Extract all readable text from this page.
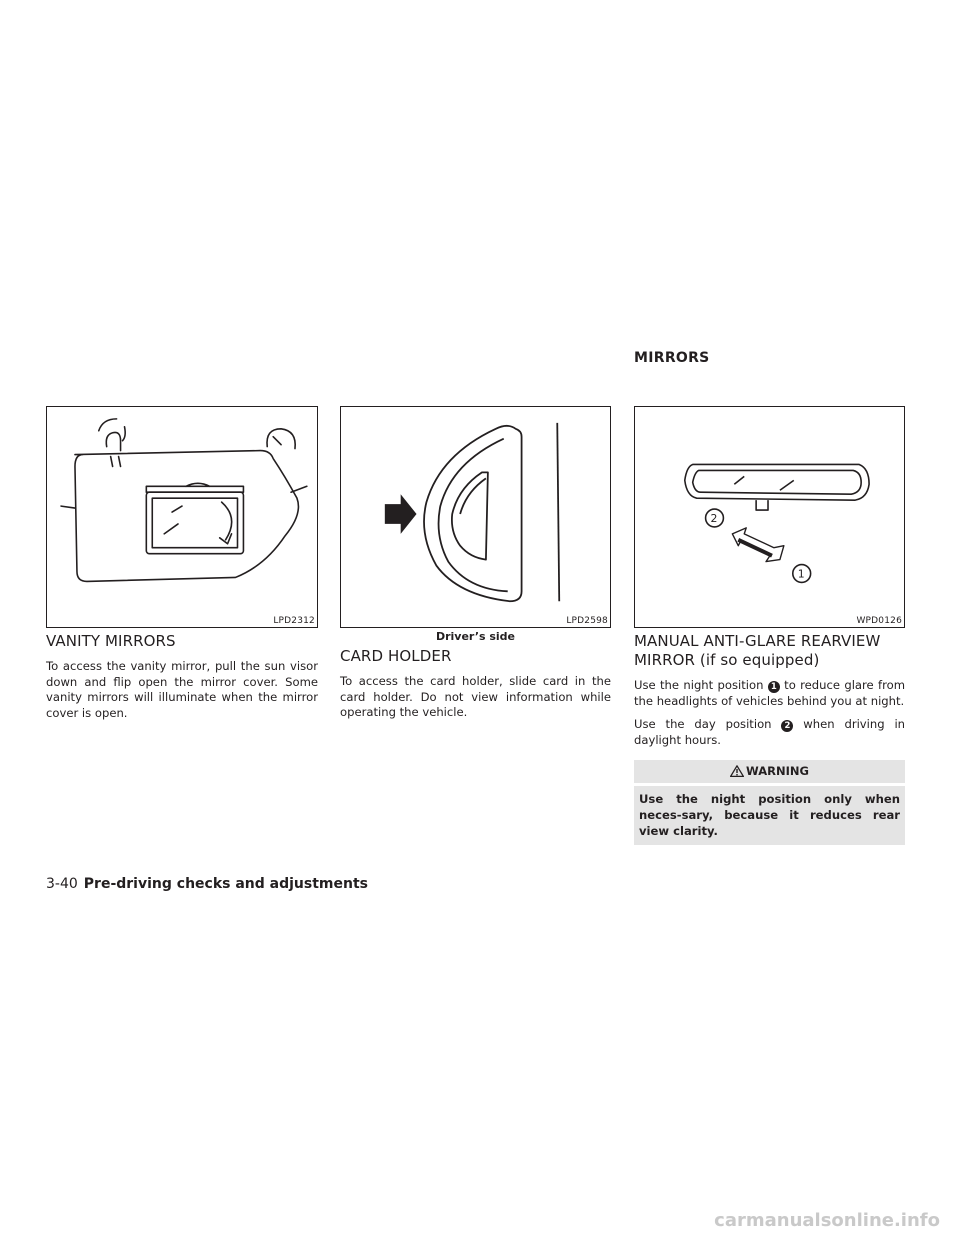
MIRRORS
LPD2312	LPD2598
2
1
WPD0126
VANITY MIRRORS
To access the vanity mirror, pull the sun visor down and flip open the mirror cover. Some vanity mirrors will illuminate when the mirror cover is open.
Driver’s side
CARD HOLDER
To access the card holder, slide card in the card holder. Do not view information while operating the vehicle.
MANUAL ANTI-GLARE REARVIEW
MIRROR (if so equipped)
Use the night position 1 to reduce glare from the headlights of vehicles behind you at night.
Use the day position 2 when driving in daylight hours.
WARNING
Use the night position only when neces-sary, because it reduces rear view clarity.
3-40 Pre-driving checks and adjustments
carmanualsonline.info
